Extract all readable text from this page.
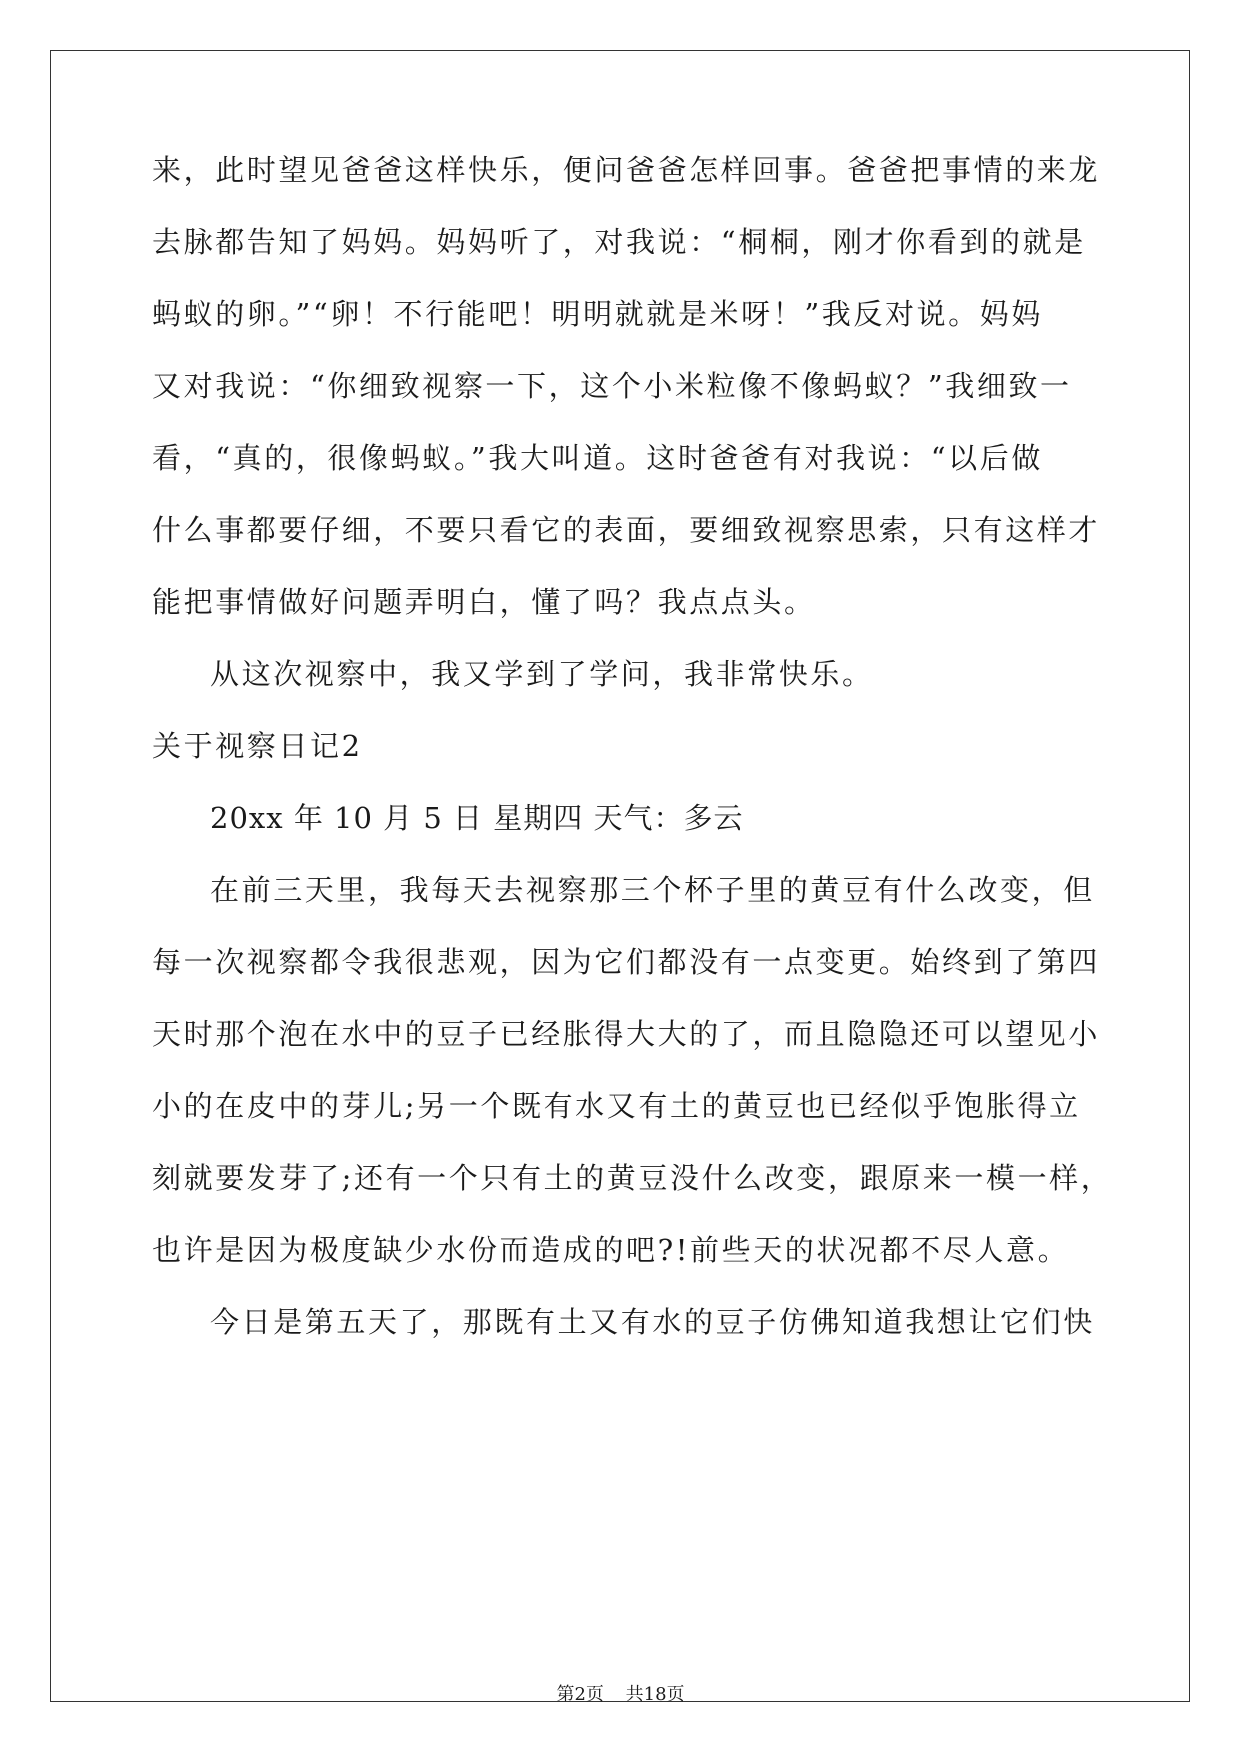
来，此时望见爸爸这样快乐，便问爸爸怎样回事。爸爸把事情的来龙
去脉都告知了妈妈。妈妈听了，对我说：“桐桐，刚才你看到的就是
蚂蚁的卵。”“卵！不行能吧！明明就就是米呀！”我反对说。妈妈
又对我说：“你细致视察一下，这个小米粒像不像蚂蚁？”我细致一
看，“真的，很像蚂蚁。”我大叫道。这时爸爸有对我说：“以后做
什么事都要仔细，不要只看它的表面，要细致视察思索，只有这样才
能把事情做好问题弄明白，懂了吗？我点点头。
从这次视察中，我又学到了学问，我非常快乐。
关于视察日记2
20xx 年 10 月 5 日 星期四 天气：多云
在前三天里，我每天去视察那三个杯子里的黄豆有什么改变，但
每一次视察都令我很悲观，因为它们都没有一点变更。始终到了第四
天时那个泡在水中的豆子已经胀得大大的了，而且隐隐还可以望见小
小的在皮中的芽儿;另一个既有水又有土的黄豆也已经似乎饱胀得立
刻就要发芽了;还有一个只有土的黄豆没什么改变，跟原来一模一样，
也许是因为极度缺少水份而造成的吧?!前些天的状况都不尽人意。
今日是第五天了，那既有土又有水的豆子仿佛知道我想让它们快
第2页 共18页
